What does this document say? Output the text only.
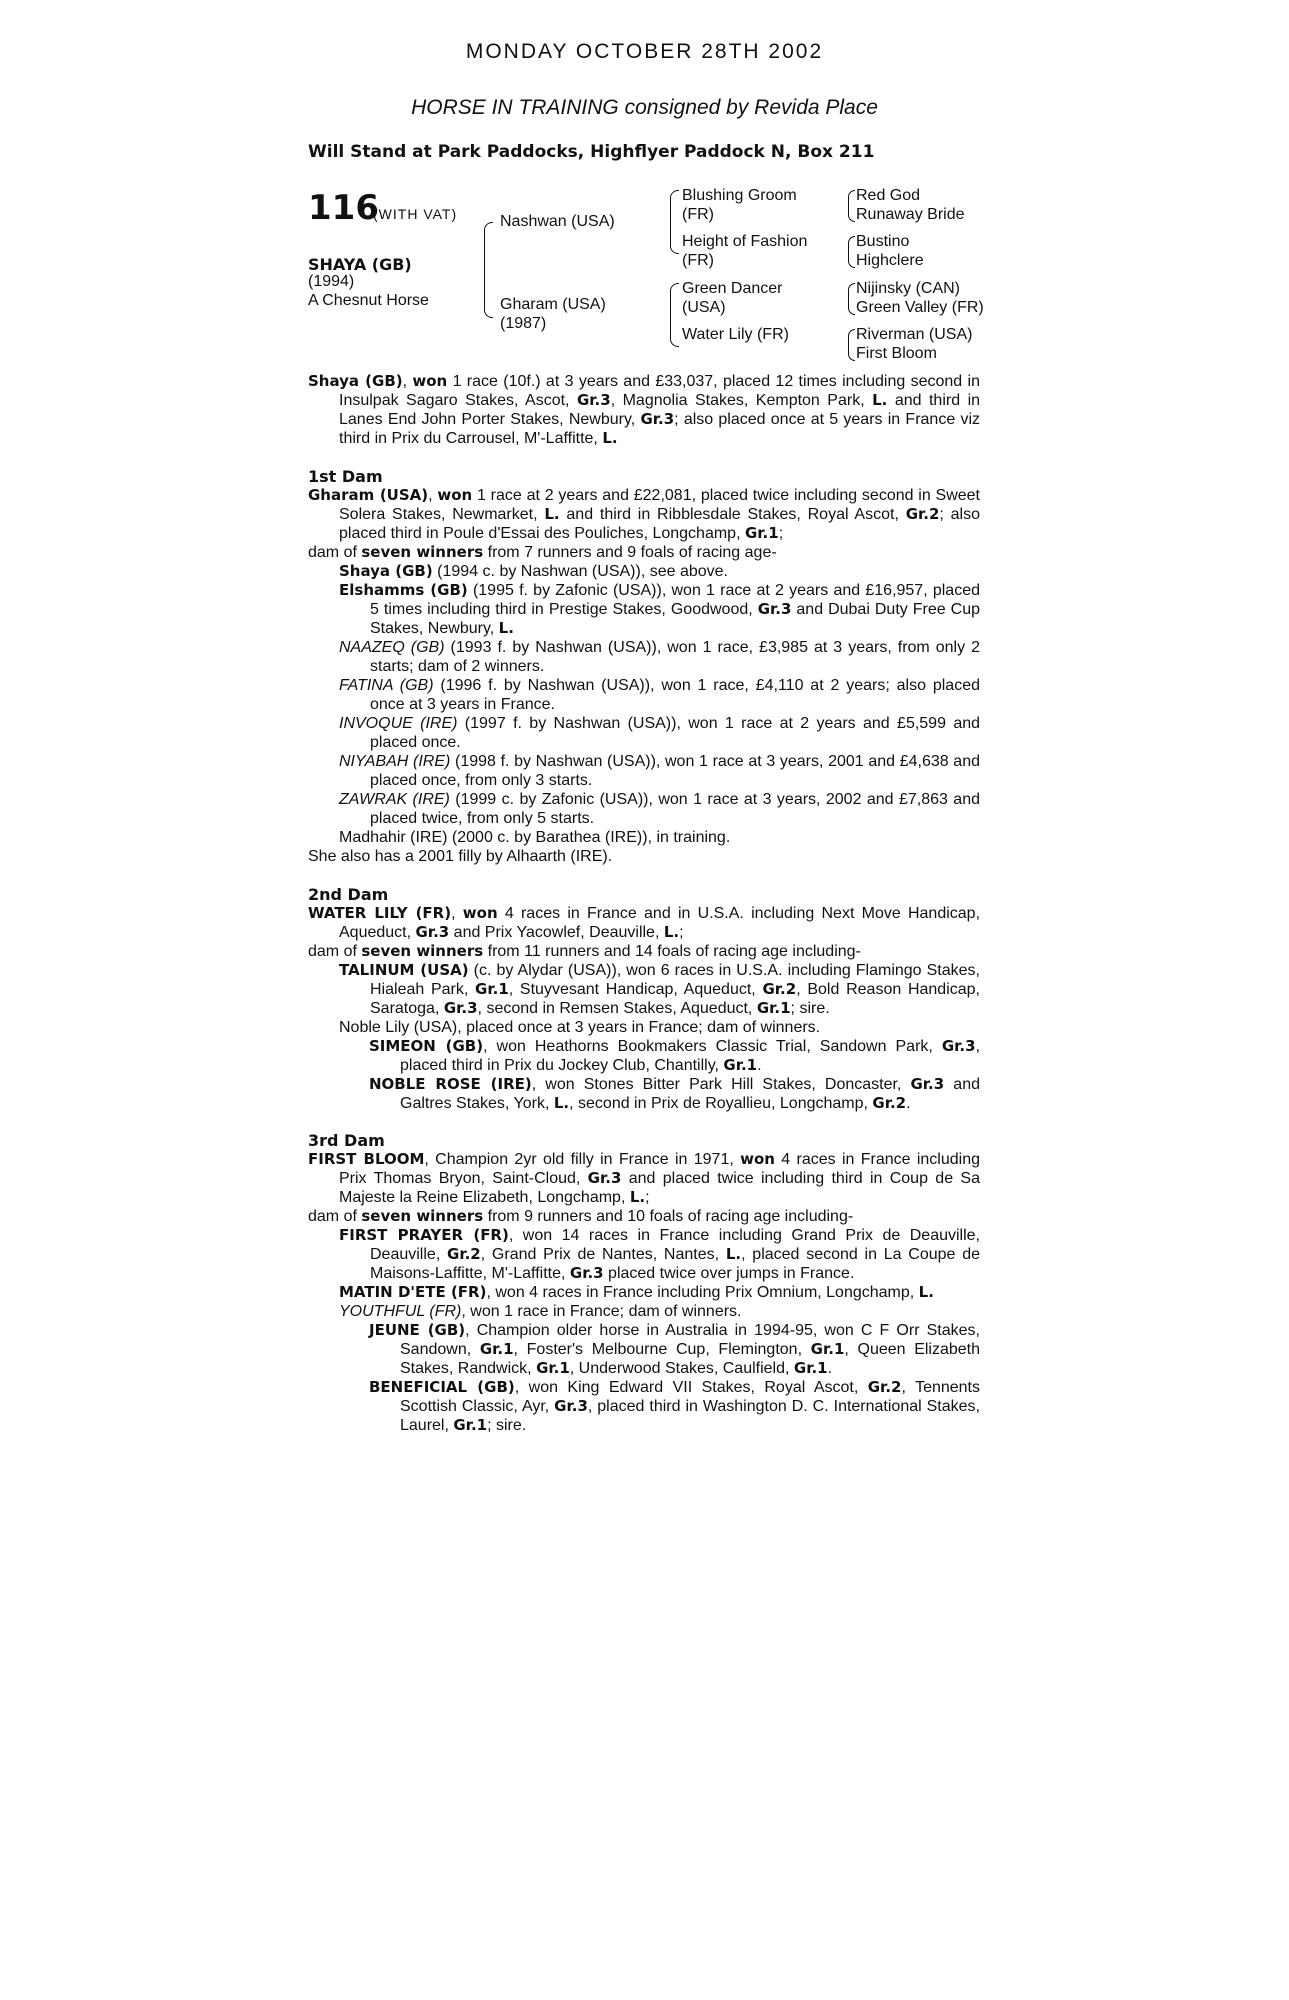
MONDAY OCTOBER 28TH 2002
HORSE IN TRAINING consigned by Revida Place
Will Stand at Park Paddocks, Highflyer Paddock N, Box 211
116
(WITH VAT)
SHAYA (GB)
(1994)
A Chesnut Horse
Nashwan (USA)
Gharam (USA)
(1987)
Blushing Groom
(FR)
Height of Fashion
(FR)
Green Dancer
(USA)
Water Lily (FR)
Red God
Runaway Bride
Bustino
Highclere
Nijinsky (CAN)
Green Valley (FR)
Riverman (USA)
First Bloom

Shaya (GB), won 1 race (10f.) at 3 years and £33,037, placed 12 times including second in Insulpak Sagaro Stakes, Ascot, Gr.3, Magnolia Stakes, Kempton Park, L. and third in Lanes End John Porter Stakes, Newbury, Gr.3; also placed once at 5 years in France viz third in Prix du Carrousel, M'-Laffitte, L.

1st Dam

Gharam (USA), won 1 race at 2 years and £22,081, placed twice including second in Sweet Solera Stakes, Newmarket, L. and third in Ribblesdale Stakes, Royal Ascot, Gr.2; also placed third in Poule d'Essai des Pouliches, Longchamp, Gr.1;

dam of seven winners from 7 runners and 9 foals of racing age-

Shaya (GB) (1994 c. by Nashwan (USA)), see above.

Elshamms (GB) (1995 f. by Zafonic (USA)), won 1 race at 2 years and £16,957, placed 5 times including third in Prestige Stakes, Goodwood, Gr.3 and Dubai Duty Free Cup Stakes, Newbury, L.

NAAZEQ (GB) (1993 f. by Nashwan (USA)), won 1 race, £3,985 at 3 years, from only 2 starts; dam of 2 winners.

FATINA (GB) (1996 f. by Nashwan (USA)), won 1 race, £4,110 at 2 years; also placed once at 3 years in France.

INVOQUE (IRE) (1997 f. by Nashwan (USA)), won 1 race at 2 years and £5,599 and placed once.

NIYABAH (IRE) (1998 f. by Nashwan (USA)), won 1 race at 3 years, 2001 and £4,638 and placed once, from only 3 starts.

ZAWRAK (IRE) (1999 c. by Zafonic (USA)), won 1 race at 3 years, 2002 and £7,863 and placed twice, from only 5 starts.

Madhahir (IRE) (2000 c. by Barathea (IRE)), in training.

She also has a 2001 filly by Alhaarth (IRE).

2nd Dam

WATER LILY (FR), won 4 races in France and in U.S.A. including Next Move Handicap, Aqueduct, Gr.3 and Prix Yacowlef, Deauville, L.;

dam of seven winners from 11 runners and 14 foals of racing age including-

TALINUM (USA) (c. by Alydar (USA)), won 6 races in U.S.A. including Flamingo Stakes, Hialeah Park, Gr.1, Stuyvesant Handicap, Aqueduct, Gr.2, Bold Reason Handicap, Saratoga, Gr.3, second in Remsen Stakes, Aqueduct, Gr.1; sire.

Noble Lily (USA), placed once at 3 years in France; dam of winners.

SIMEON (GB), won Heathorns Bookmakers Classic Trial, Sandown Park, Gr.3, placed third in Prix du Jockey Club, Chantilly, Gr.1.

NOBLE ROSE (IRE), won Stones Bitter Park Hill Stakes, Doncaster, Gr.3 and Galtres Stakes, York, L., second in Prix de Royallieu, Longchamp, Gr.2.

3rd Dam

FIRST BLOOM, Champion 2yr old filly in France in 1971, won 4 races in France including Prix Thomas Bryon, Saint-Cloud, Gr.3 and placed twice including third in Coup de Sa Majeste la Reine Elizabeth, Longchamp, L.;

dam of seven winners from 9 runners and 10 foals of racing age including-

FIRST PRAYER (FR), won 14 races in France including Grand Prix de Deauville, Deauville, Gr.2, Grand Prix de Nantes, Nantes, L., placed second in La Coupe de Maisons-Laffitte, M'-Laffitte, Gr.3 placed twice over jumps in France.

MATIN D'ETE (FR), won 4 races in France including Prix Omnium, Longchamp, L.

YOUTHFUL (FR), won 1 race in France; dam of winners.

JEUNE (GB), Champion older horse in Australia in 1994-95, won C F Orr Stakes, Sandown, Gr.1, Foster's Melbourne Cup, Flemington, Gr.1, Queen Elizabeth Stakes, Randwick, Gr.1, Underwood Stakes, Caulfield, Gr.1.

BENEFICIAL (GB), won King Edward VII Stakes, Royal Ascot, Gr.2, Tennents Scottish Classic, Ayr, Gr.3, placed third in Washington D. C. International Stakes, Laurel, Gr.1; sire.
